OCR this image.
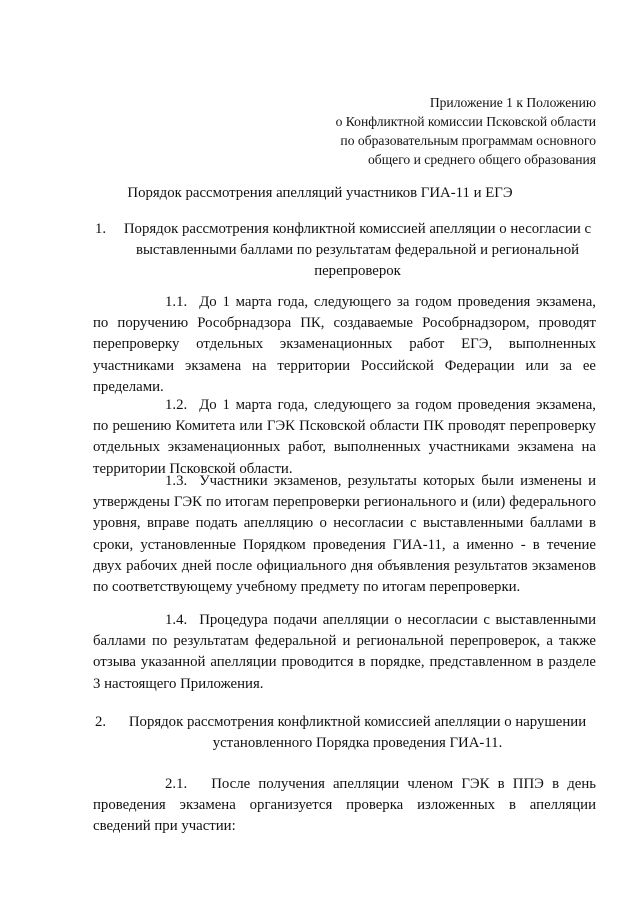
Приложение 1 к Положению
о Конфликтной комиссии Псковской области
по образовательным программам основного
общего и среднего общего образования
Порядок рассмотрения апелляций участников ГИА-11 и ЕГЭ
1. Порядок рассмотрения конфликтной комиссией апелляции о несогласии с выставленными баллами по результатам федеральной и региональной перепроверок
1.1. До 1 марта года, следующего за годом проведения экзамена, по поручению Рособрнадзора ПК, создаваемые Рособрнадзором, проводят перепроверку отдельных экзаменационных работ ЕГЭ, выполненных участниками экзамена на территории Российской Федерации или за ее пределами.
1.2. До 1 марта года, следующего за годом проведения экзамена, по решению Комитета или ГЭК Псковской области ПК проводят перепроверку отдельных экзаменационных работ, выполненных участниками экзамена на территории Псковской области.
1.3. Участники экзаменов, результаты которых были изменены и утверждены ГЭК по итогам перепроверки регионального и (или) федерального уровня, вправе подать апелляцию о несогласии с выставленными баллами в сроки, установленные Порядком проведения ГИА-11, а именно - в течение двух рабочих дней после официального дня объявления результатов экзаменов по соответствующему учебному предмету по итогам перепроверки.
1.4. Процедура подачи апелляции о несогласии с выставленными баллами по результатам федеральной и региональной перепроверок, а также отзыва указанной апелляции проводится в порядке, представленном в разделе 3 настоящего Приложения.
2.	Порядок рассмотрения конфликтной комиссией апелляции о нарушении установленного Порядка проведения ГИА-11.
2.1. После получения апелляции членом ГЭК в ППЭ в день проведения экзамена организуется проверка изложенных в апелляции сведений при участии:
